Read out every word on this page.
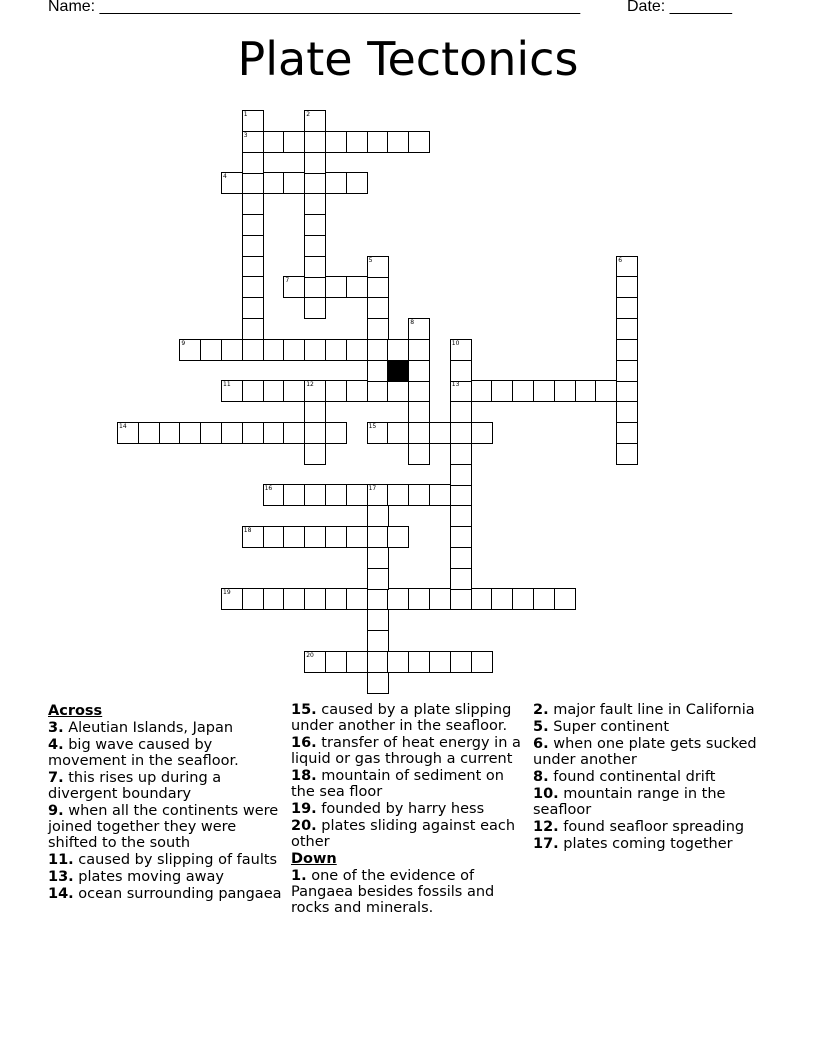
Name: ______________________________________________________	Date: _______
Plate Tectonics
3
4
7
9
11	12	13
14	15
16	17
18
19
20
1	2
5	6
8
10
Across
3. Aleutian Islands, Japan
4. big wave caused by movement in the seafloor.
7. this rises up during a divergent boundary
9. when all the continents were joined together they were shifted to the south
11. caused by slipping of faults
13. plates moving away
14. ocean surrounding pangaea
15. caused by a plate slipping under another in the seafloor.
16. transfer of heat energy in a liquid or gas through a current
18. mountain of sediment on the sea floor
19. founded by harry hess
20. plates sliding against each other
Down
1. one of the evidence of Pangaea besides fossils and rocks and minerals.
2. major fault line in California
5. Super continent
6. when one plate gets sucked under another
8. found continental drift
10. mountain range in the seafloor
12. found seafloor spreading
17. plates coming together
